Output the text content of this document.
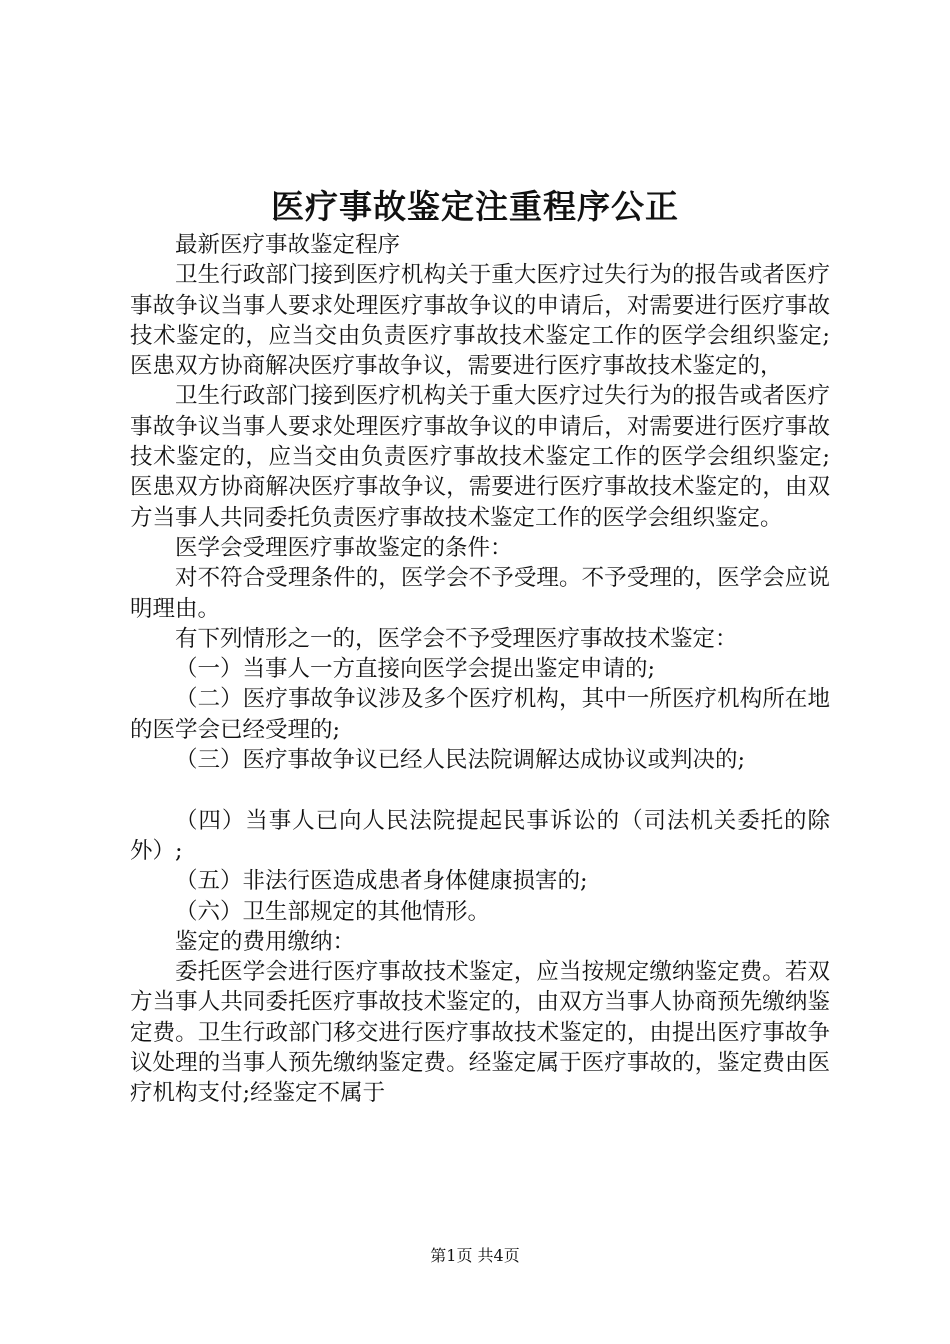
医疗事故鉴定注重程序公正

最新医疗事故鉴定程序

卫生行政部门接到医疗机构关于重大医疗过失行为的报告或者医疗事故争议当事人要求处理医疗事故争议的申请后，对需要进行医疗事故技术鉴定的，应当交由负责医疗事故技术鉴定工作的医学会组织鉴定;医患双方协商解决医疗事故争议，需要进行医疗事故技术鉴定的，

卫生行政部门接到医疗机构关于重大医疗过失行为的报告或者医疗事故争议当事人要求处理医疗事故争议的申请后，对需要进行医疗事故技术鉴定的，应当交由负责医疗事故技术鉴定工作的医学会组织鉴定;医患双方协商解决医疗事故争议，需要进行医疗事故技术鉴定的，由双方当事人共同委托负责医疗事故技术鉴定工作的医学会组织鉴定。

医学会受理医疗事故鉴定的条件：

对不符合受理条件的，医学会不予受理。不予受理的，医学会应说明理由。

有下列情形之一的，医学会不予受理医疗事故技术鉴定：

（一）当事人一方直接向医学会提出鉴定申请的;

（二）医疗事故争议涉及多个医疗机构，其中一所医疗机构所在地的医学会已经受理的;

（三）医疗事故争议已经人民法院调解达成协议或判决的;

（四）当事人已向人民法院提起民事诉讼的（司法机关委托的除外）;

（五）非法行医造成患者身体健康损害的;

（六）卫生部规定的其他情形。

鉴定的费用缴纳：

委托医学会进行医疗事故技术鉴定，应当按规定缴纳鉴定费。若双方当事人共同委托医疗事故技术鉴定的，由双方当事人协商预先缴纳鉴定费。卫生行政部门移交进行医疗事故技术鉴定的，由提出医疗事故争议处理的当事人预先缴纳鉴定费。经鉴定属于医疗事故的，鉴定费由医疗机构支付;经鉴定不属于

第1页 共4页
